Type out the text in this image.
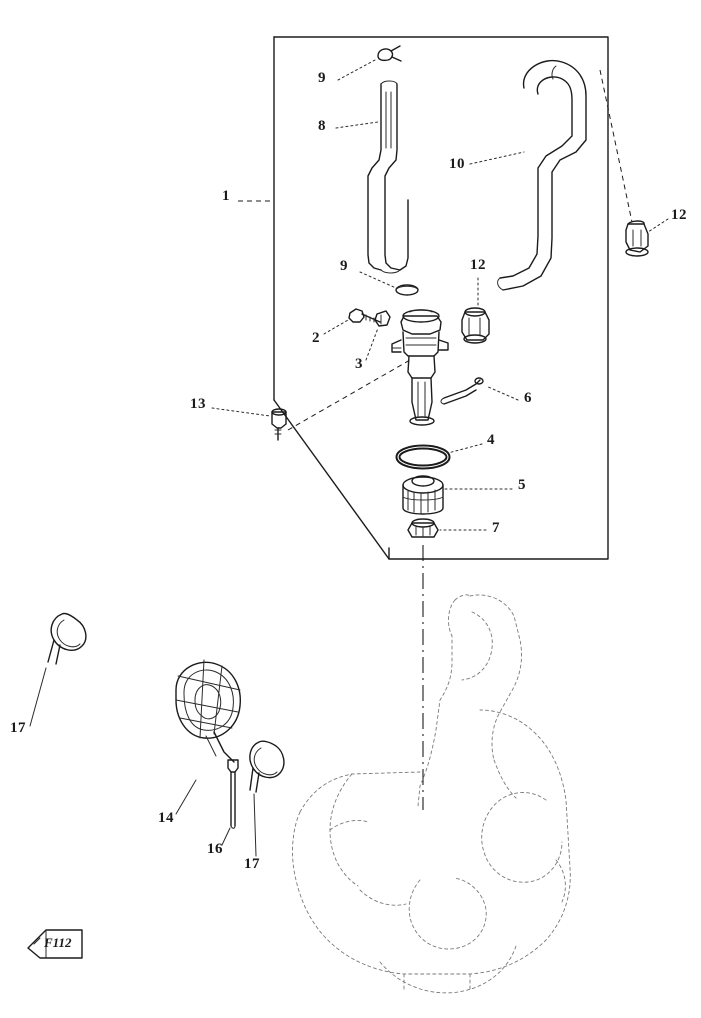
1
2
3
4
5
6
7
8
9
9
10
12
12
13
14
16
17
17
F112
